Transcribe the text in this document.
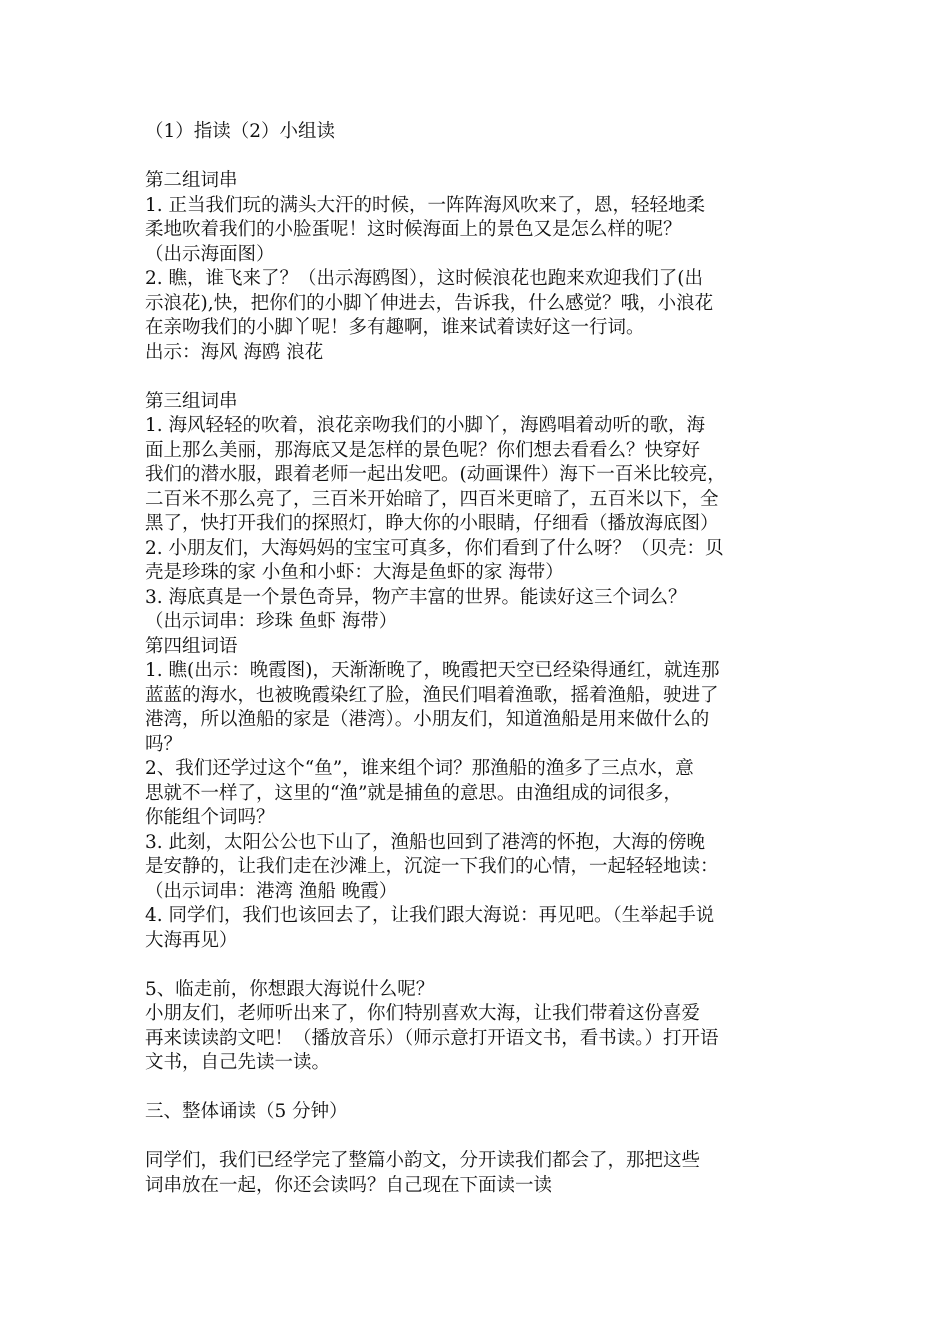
（1）指读（2）小组读
第二组词串
1. 正当我们玩的满头大汗的时候，一阵阵海风吹来了，恩，轻轻地柔
柔地吹着我们的小脸蛋呢！这时候海面上的景色又是怎么样的呢？
（出示海面图）
2. 瞧，谁飞来了？（出示海鸥图），这时候浪花也跑来欢迎我们了(出
示浪花),快，把你们的小脚丫伸进去，告诉我，什么感觉？哦，小浪花
在亲吻我们的小脚丫呢！多有趣啊，谁来试着读好这一行词。
出示：海风 海鸥 浪花
第三组词串
1. 海风轻轻的吹着，浪花亲吻我们的小脚丫，海鸥唱着动听的歌，海
面上那么美丽，那海底又是怎样的景色呢？你们想去看看么？快穿好
我们的潜水服，跟着老师一起出发吧。(动画课件）海下一百米比较亮，
二百米不那么亮了，三百米开始暗了，四百米更暗了，五百米以下，全
黑了，快打开我们的探照灯，睁大你的小眼睛，仔细看（播放海底图）
2. 小朋友们，大海妈妈的宝宝可真多，你们看到了什么呀？（贝壳：贝
壳是珍珠的家 小鱼和小虾：大海是鱼虾的家 海带）
3. 海底真是一个景色奇异，物产丰富的世界。能读好这三个词么？
（出示词串：珍珠 鱼虾 海带）
第四组词语
1. 瞧(出示：晚霞图)，天渐渐晚了，晚霞把天空已经染得通红，就连那
蓝蓝的海水，也被晚霞染红了脸，渔民们唱着渔歌，摇着渔船，驶进了
港湾，所以渔船的家是（港湾）。小朋友们，知道渔船是用来做什么的
吗？
2、我们还学过这个“鱼”，谁来组个词？那渔船的渔多了三点水，意
思就不一样了，这里的“渔”就是捕鱼的意思。由渔组成的词很多，
你能组个词吗？
3. 此刻，太阳公公也下山了，渔船也回到了港湾的怀抱，大海的傍晚
是安静的，让我们走在沙滩上，沉淀一下我们的心情，一起轻轻地读：
（出示词串：港湾 渔船 晚霞）
4. 同学们，我们也该回去了，让我们跟大海说：再见吧。（生举起手说
大海再见）
5、临走前，你想跟大海说什么呢？
小朋友们，老师听出来了，你们特别喜欢大海，让我们带着这份喜爱
再来读读韵文吧！（播放音乐）（师示意打开语文书，看书读。）打开语
文书，自己先读一读。
三、整体诵读（5 分钟）
同学们，我们已经学完了整篇小韵文，分开读我们都会了，那把这些
词串放在一起，你还会读吗？自己现在下面读一读
